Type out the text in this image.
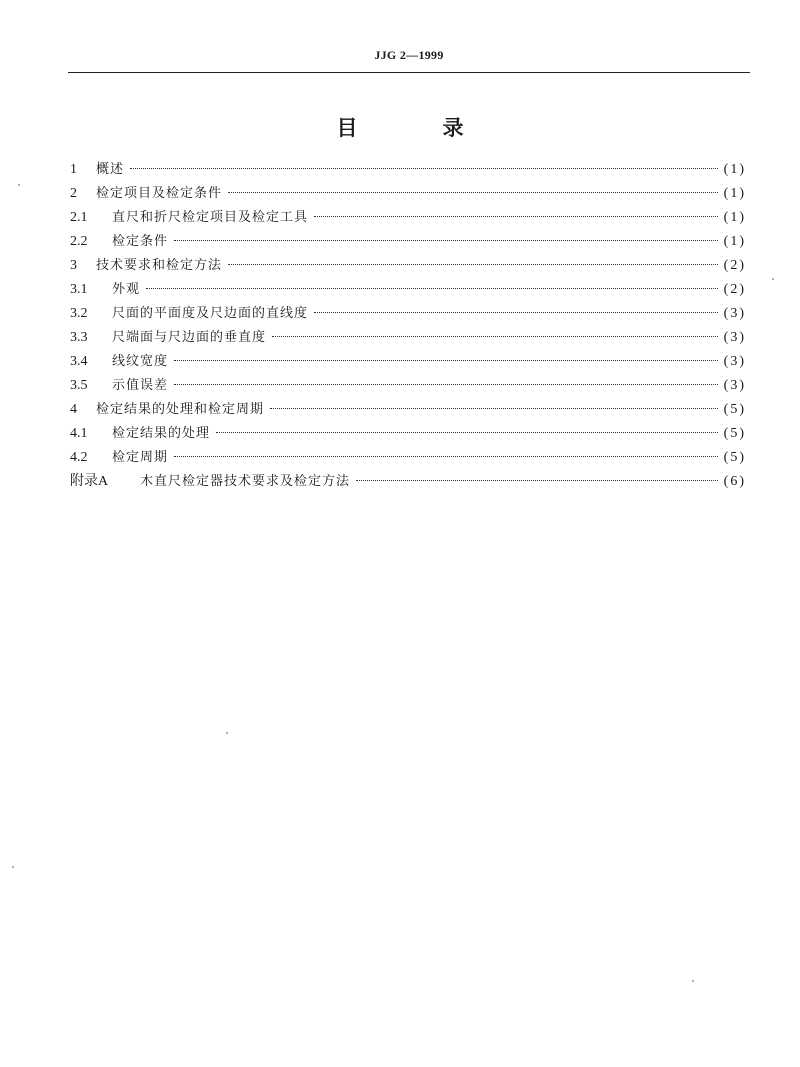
JJG 2—1999
目　录
1	概述	(1)
2	检定项目及检定条件	(1)
2.1	直尺和折尺检定项目及检定工具	(1)
2.2	检定条件	(1)
3	技术要求和检定方法	(2)
3.1	外观	(2)
3.2	尺面的平面度及尺边面的直线度	(3)
3.3	尺端面与尺边面的垂直度	(3)
3.4	线纹宽度	(3)
3.5	示值误差	(3)
4	检定结果的处理和检定周期	(5)
4.1	检定结果的处理	(5)
4.2	检定周期	(5)
附录A	木直尺检定器技术要求及检定方法	(6)
